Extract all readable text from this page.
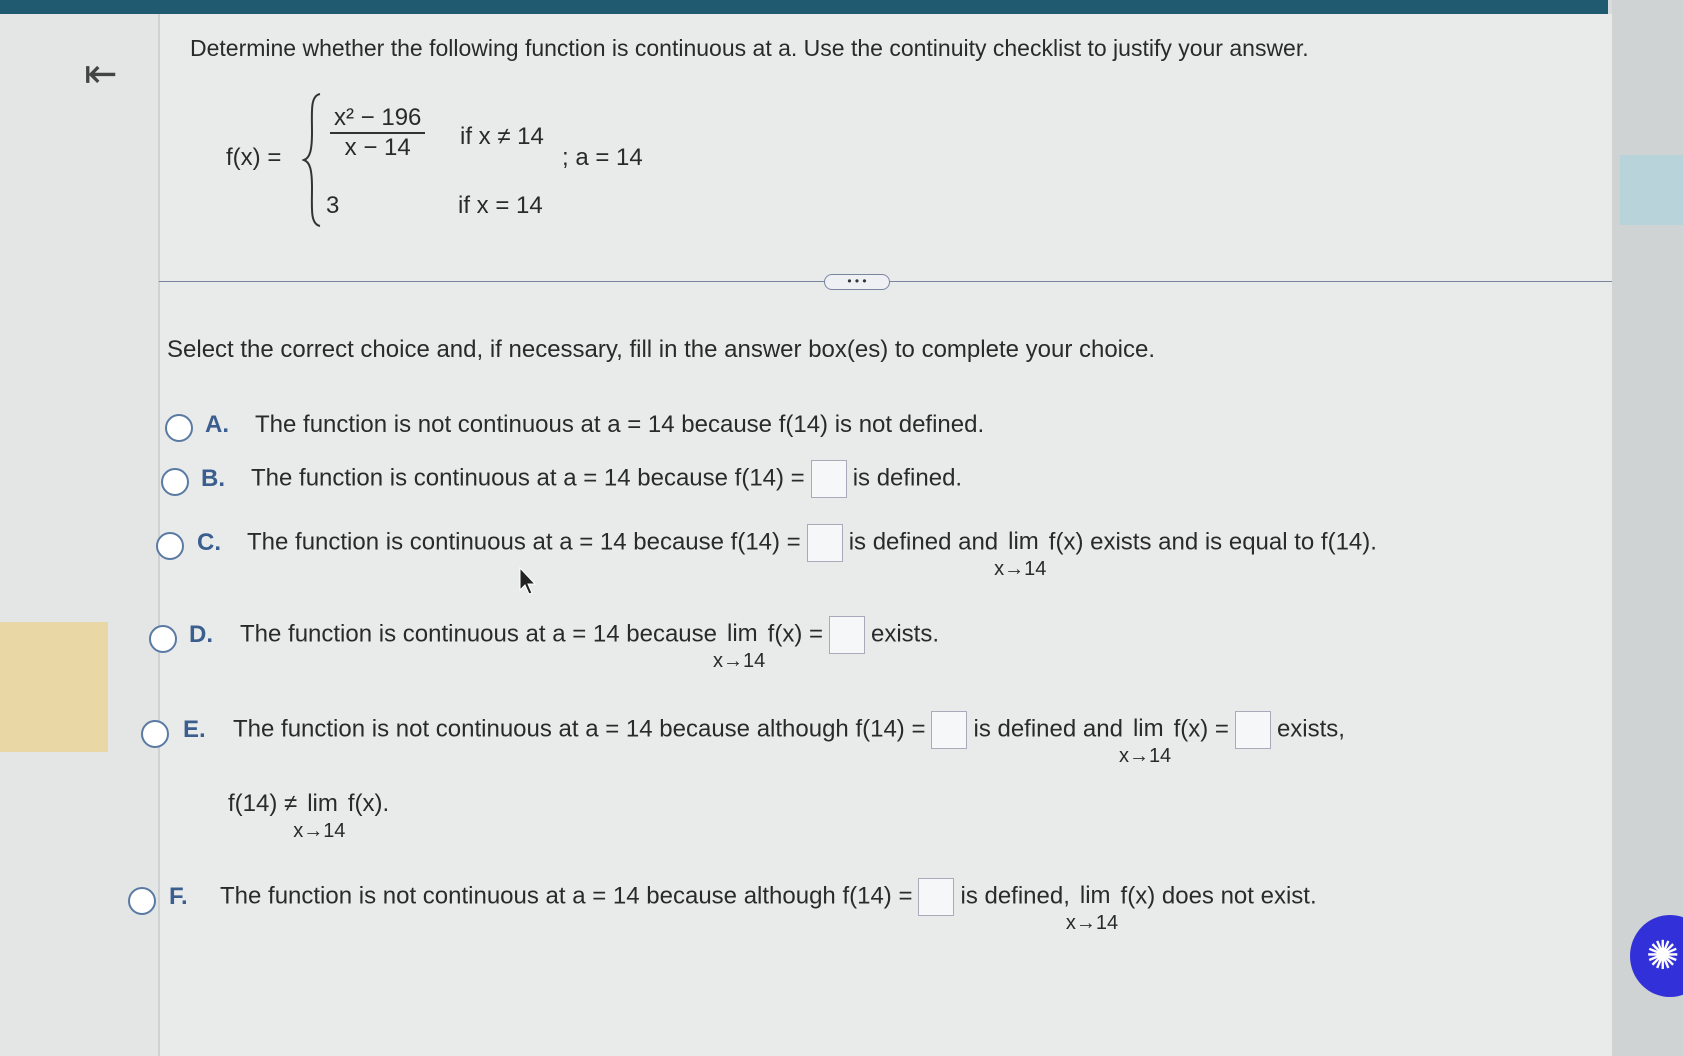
⇤
Determine whether the following function is continuous at a. Use the continuity checklist to justify your answer.
$f(x) = \frac{\text{x² − 196}}{x - 14}$ if x ≠ 14
3	if x = 14
; a = 14
• • •
Select the correct choice and, if necessary, fill in the answer box(es) to complete your choice.
A. The function is not continuous at a = 14 because f(14) is not defined.
B. The function is continuous at a = 14 because f(14) = is defined.
C. The function is continuous at a = 14 because f(14) = is defined and lim
x→14
f(x) exists and is equal to f(14).
D. The function is continuous at a = 14 because lim
x→14
f(x) = exists.
E. The function is not continuous at a = 14 because although f(14) = is defined and lim
x→14
f(x) = exists,
f(14) ≠ lim
x→14
f(x).
F. The function is not continuous at a = 14 because although f(14) = is defined, lim
x→14
f(x) does not exist.
✺
